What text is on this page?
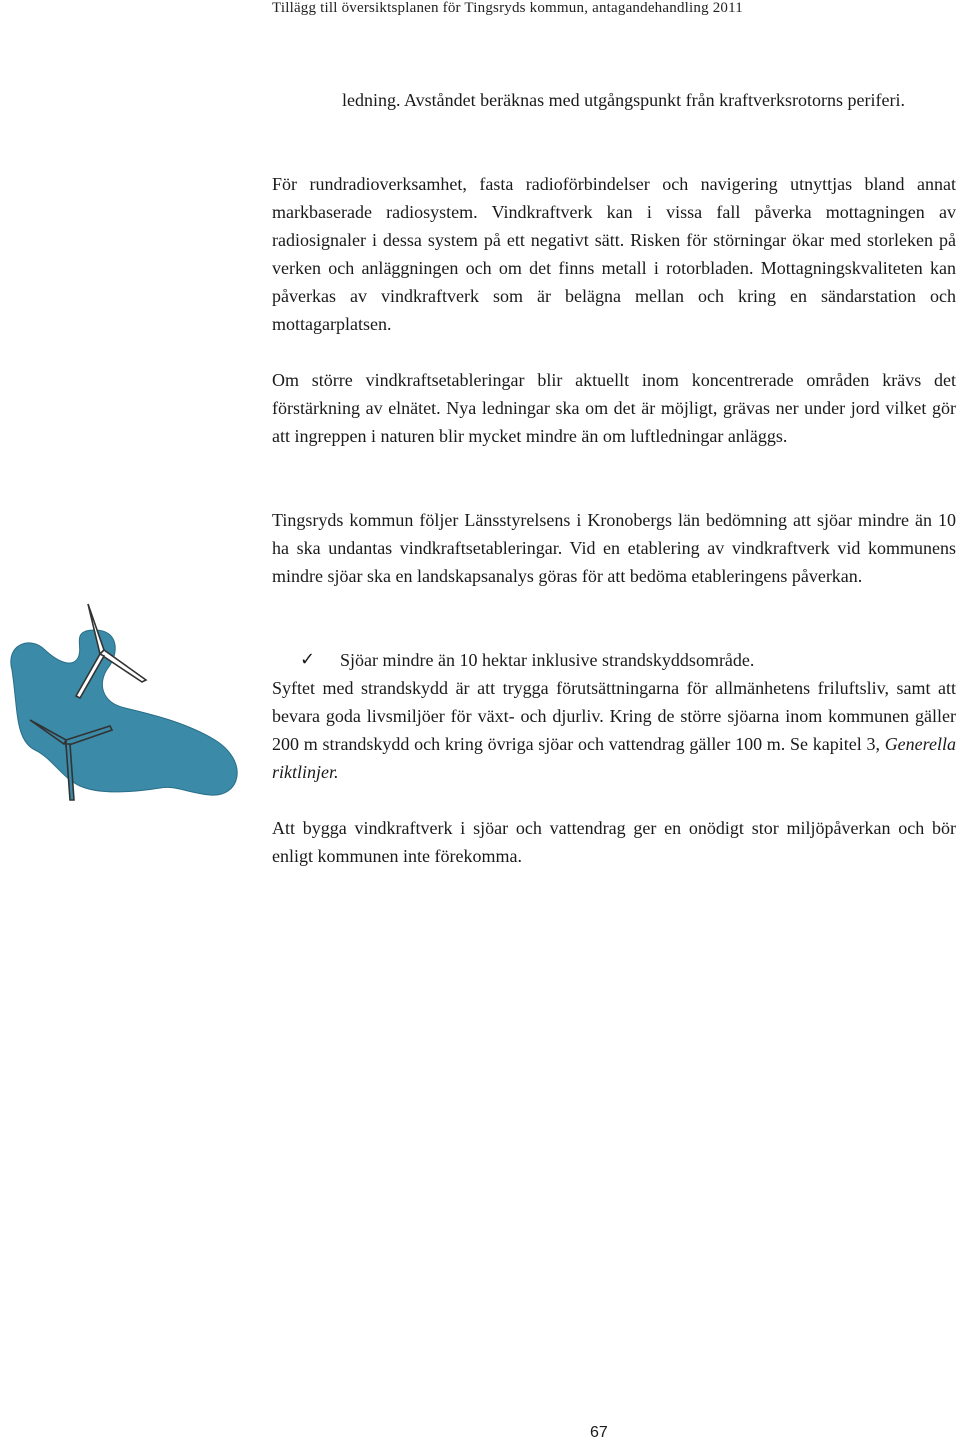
Tillägg till översiktsplanen för Tingsryds kommun, antagandehandling 2011

ledning. Avståndet beräknas med utgångspunkt från kraftverksrotorns periferi.

För rundradioverksamhet, fasta radioförbindelser och navigering utnyttjas bland annat markbaserade radiosystem. Vindkraftverk kan i vissa fall påverka mottagningen av radiosignaler i dessa system på ett negativt sätt. Risken för störningar ökar med storleken på verken och anläggningen och om det finns metall i rotorbladen. Mottagningskvaliteten kan påverkas av vindkraftverk som är belägna mellan och kring en sändarstation och mottagarplatsen.

Om större vindkraftsetableringar blir aktuellt inom koncentrerade områden krävs det förstärkning av elnätet. Nya ledningar ska om det är möjligt, grävas ner under jord vilket gör att ingreppen i naturen blir mycket mindre än om luftledningar anläggs.

Tingsryds kommun följer Länsstyrelsens i Kronobergs län bedömning att sjöar mindre än 10 ha ska undantas vindkraftsetableringar. Vid en etablering av vindkraftverk vid kommunens mindre sjöar ska en landskapsanalys göras för att bedöma etableringens påverkan.

✓ Sjöar mindre än 10 hektar inklusive strandskyddsområde.

Syftet med strandskydd är att trygga förutsättningarna för allmänhetens friluftsliv, samt att bevara goda livsmiljöer för växt- och djurliv. Kring de större sjöarna inom kommunen gäller 200 m strandskydd och kring övriga sjöar och vattendrag gäller 100 m. Se kapitel 3, Generella riktlinjer.

Att bygga vindkraftverk i sjöar och vattendrag ger en onödigt stor miljöpåverkan och bör enligt kommunen inte förekomma.

67
